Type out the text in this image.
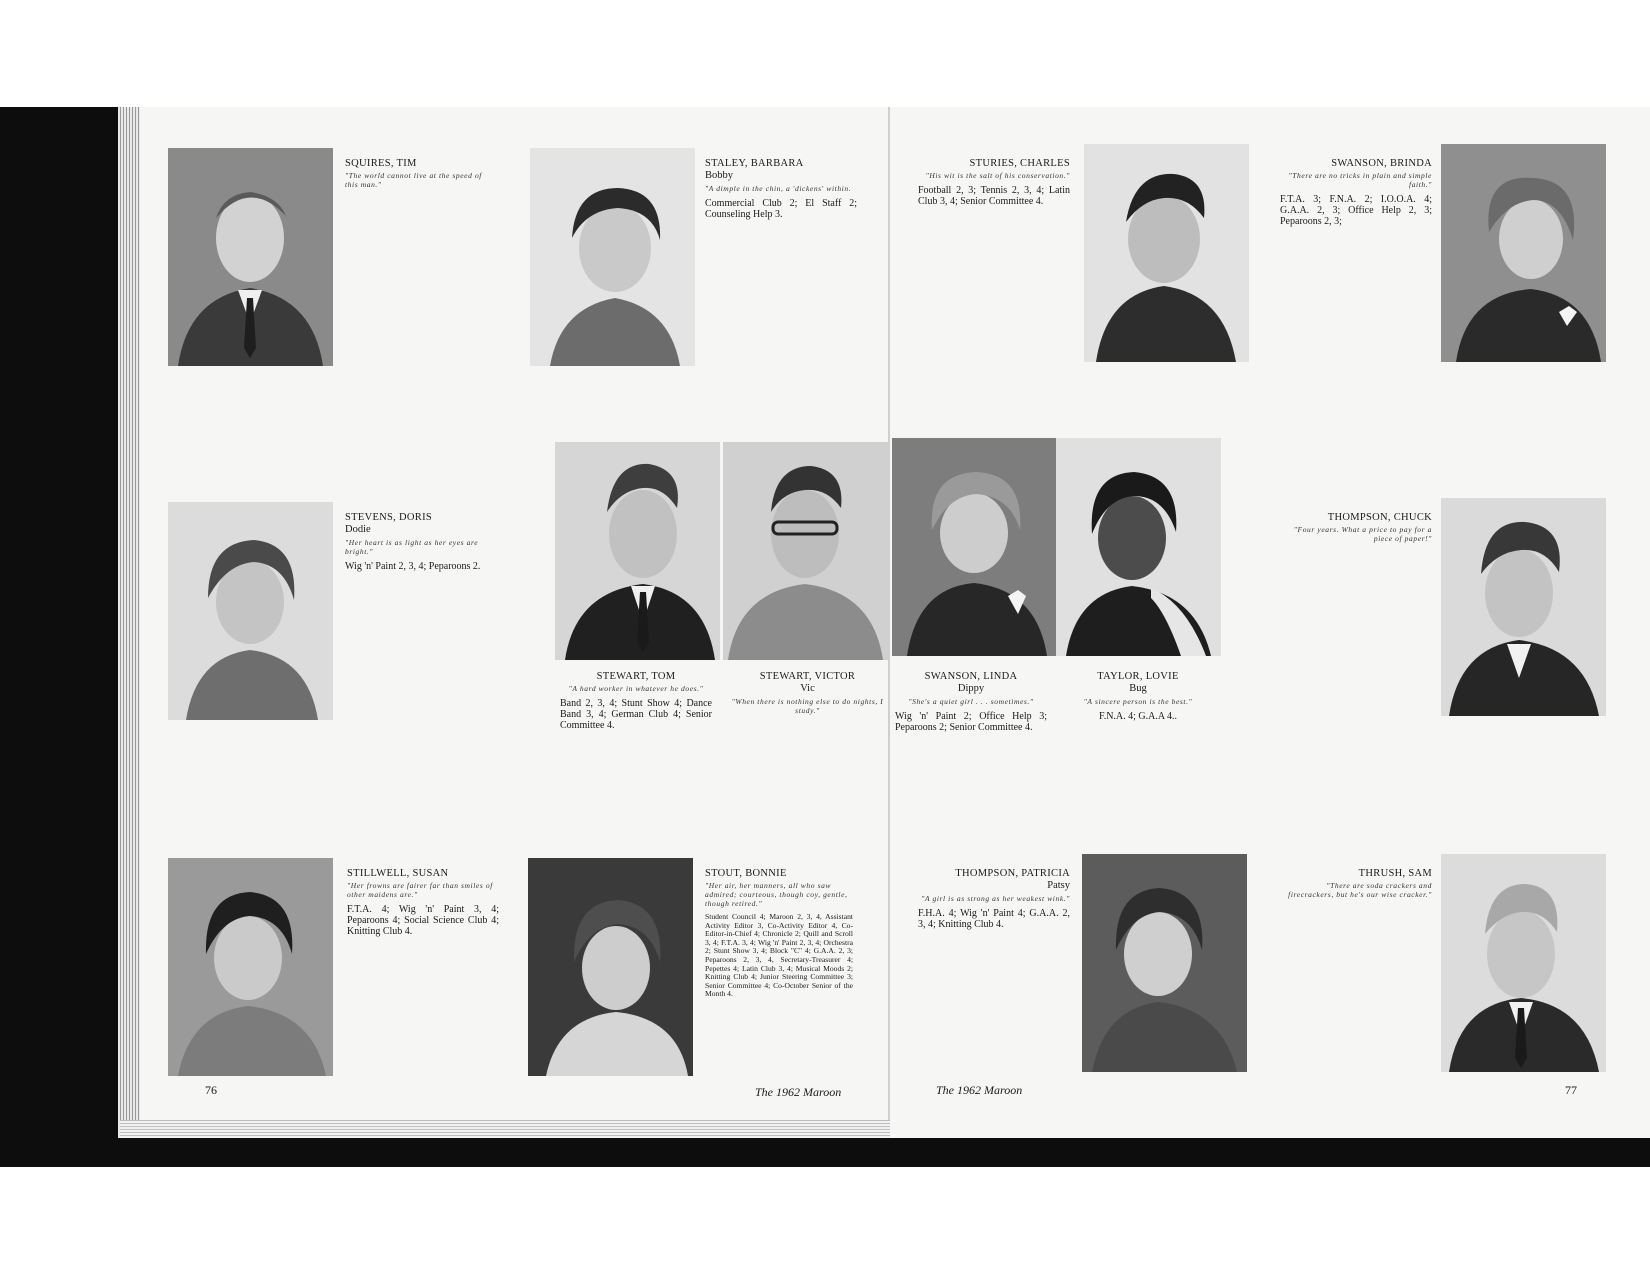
SQUIRES, TIM
"The world cannot live at the speed of this man."
STALEY, BARBARA
Bobby
"A dimple in the chin, a 'dickens' within.
Commercial Club 2; El Staff 2; Counseling Help 3.
STURIES, CHARLES
"His wit is the salt of his conservation."
Football 2, 3; Tennis 2, 3, 4; Latin Club 3, 4; Senior Committee 4.
SWANSON, BRINDA
"There are no tricks in plain and simple faith."
F.T.A. 3; F.N.A. 2; I.O.O.A. 4; G.A.A. 2, 3; Office Help 2, 3; Peparoons 2, 3;
STEVENS, DORIS
Dodie
"Her heart is as light as her eyes are bright."
Wig 'n' Paint 2, 3, 4; Peparoons 2.
STEWART, TOM
"A hard worker in whatever he does."
Band 2, 3, 4; Stunt Show 4; Dance Band 3, 4; German Club 4; Senior Committee 4.
STEWART, VICTOR
Vic
"When there is nothing else to do nights, I study."
SWANSON, LINDA
Dippy
"She's a quiet girl . . . sometimes."
Wig 'n' Paint 2; Office Help 3; Peparoons 2; Senior Committee 4.
TAYLOR, LOVIE
Bug
"A sincere person is the best."
F.N.A. 4; G.A.A 4..
THOMPSON, CHUCK
"Four years. What a price to pay for a piece of paper!"
STILLWELL, SUSAN
"Her frowns are fairer far than smiles of other maidens are."
F.T.A. 4; Wig 'n' Paint 3, 4; Peparoons 4; Social Science Club 4; Knitting Club 4.
STOUT, BONNIE
"Her air, her manners, all who saw admired; courteous, though coy, gentle, though retired."
Student Council 4; Maroon 2, 3, 4, Assistant Activity Editor 3, Co-Activity Editor 4, Co-Editor-in-Chief 4; Chronicle 2; Quill and Scroll 3, 4; F.T.A. 3, 4; Wig 'n' Paint 2, 3, 4; Orchestra 2; Stunt Show 3, 4; Block "C" 4; G.A.A. 2, 3; Peparoons 2, 3, 4, Secretary-Treasurer 4; Pepettes 4; Latin Club 3, 4; Musical Moods 2; Knitting Club 4; Junior Steering Committee 3; Senior Committee 4; Co-October Senior of the Month 4.
THOMPSON, PATRICIA
Patsy
"A girl is as strong as her weakest wink."
F.H.A. 4; Wig 'n' Paint 4; G.A.A. 2, 3, 4; Knitting Club 4.
THRUSH, SAM
"There are soda crackers and firecrackers, but he's our wise cracker."
76	The 1962 Maroon	The 1962 Maroon	77
